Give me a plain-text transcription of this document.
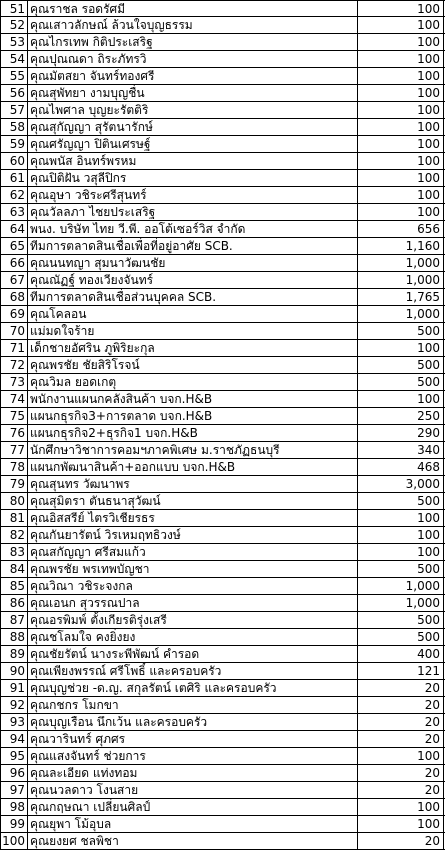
51 คุณราชล รอดรัศมี	100
52 คุณเสาวลักษณ์ ล้วนใจบุญธรรม	100
53 คุณไกรเทพ กิติประเสริฐ	100
54 คุณปุณณดา ถิระภัทรวิ	100
55 คุณมัตสยา จันทร์ทองศรี	100
56 คุณสุพัทยา งามบุญชื่น	100
57 คุณไพศาล บุญยะรัตติริ	100
58 คุณสุกัญญา สุรัตนารักษ์	100
59 คุณศรัญญา ปิตินเศรษฐ์	100
60 คุณพนัส อินทร์พรหม	100
61 คุณปิติฝัน วสุลีปิกร	100
62 คุณอุษา วชิระศรีสุนทร์	100
63 คุณวัลลภา ไชยประเสริฐ	100
64 พนง. บริษัท ไทย วี.พี. ออโต้เซอร์วิส จำกัด	656
65 ทีมการตลาดสินเชื่อเพื่อที่อยู่อาศัย SCB.	1,160
66 คุณนนทญา สุมนาวัฒนชัย	1,000
67 คุณณัฏฐ์ ทองเวียงจันทร์	1,000
68 ทีมการตลาดสินเชื่อส่วนบุคคล SCB.	1,765
69 คุณโคลอน	1,000
70 แม่มดใจร้าย	500
71 เด็กชายอัศริน ภูพิริยะกุล	100
72 คุณพรชัย ชัยสิริโรจน์	500
73 คุณวิมล ยอดเกตุ	500
74 พนักงานแผนกคลังสินค้า บจก.H&B	100
75 แผนกธุรกิจ3+การตลาด บจก.H&B	250
76 แผนกธุรกิจ2+ธุรกิจ1 บจก.H&B	290
77 นักศึกษาวิชาการคอมฯภาคพิเศษ ม.ราชภัฏธนบุรี	340
78 แผนกพัฒนาสินค้า+ออกแบบ บจก.H&B	468
79 คุณสุนทร วัฒนาพร	3,000
80 คุณสุมิตรา ตันธนาสุวัฒน์	500
81 คุณอิสสรีย์ ไตรวิเชียรธร	100
82 คุณกันยารัตน์ วิรเหมฤทธิวงษ์	100
83 คุณสกัญญา ศรีสมแก้ว	100
84 คุณพรชัย พรเทพบัญชา	500
85 คุณวิณา วชิระจงกล	1,000
86 คุณเอนก สุวรรณปาล	1,000
87 คุณอรพิมพ์ ตั้งเกียรติรุ่งเสรี	500
88 คุณชโลมใจ คงยิ่งยง	500
89 คุณชัยรัตน์ นางระพีพัฒน์ คำรอด	400
90 คุณเพียงพรรณ์ ศรีโพธิ์ และครอบครัว	121
91 คุณบุญช่วย -ด.ญ. สกุลรัตน์ เตศิริ และครอบครัว	20
92 คุณกชกร โมกขา	20
93 คุณบุญเรือน นึกเว้น และครอบครัว	20
94 คุณวารินทร์ ศุภศร	20
95 คุณแสงจันทร์ ช่วยการ	100
96 คุณละเอียด แท่งทอม	20
97 คุณนวลดาว โงนสาย	20
98 คุณกฤษณา เปลี่ยนศิลป์	100
99 คุณยุพา โม้อุบล	100
100 คุณยงยศ ชลพิชา	20
